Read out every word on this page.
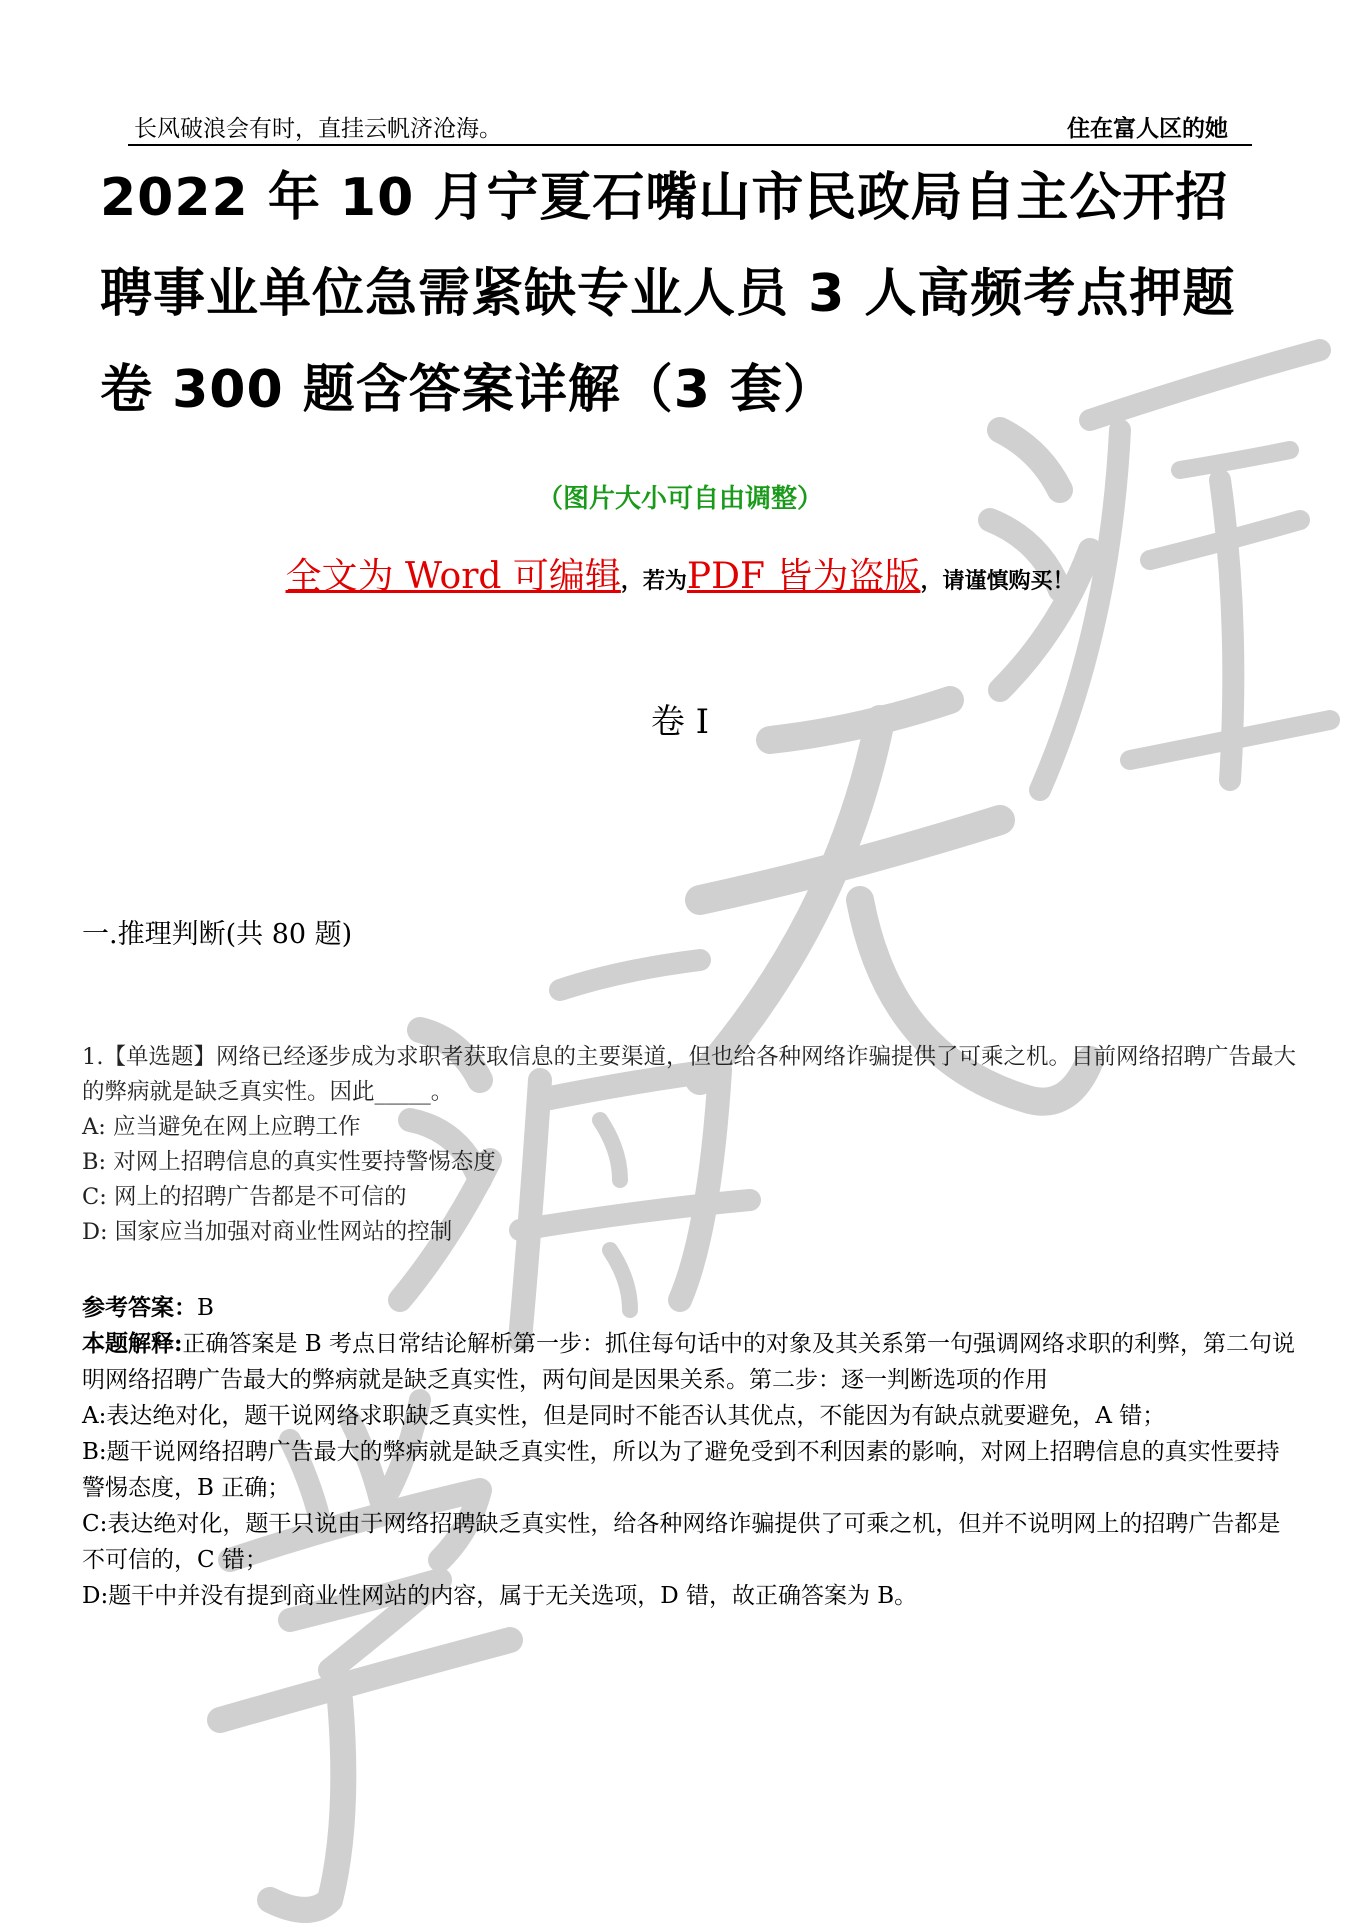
长风破浪会有时，直挂云帆济沧海。	住在富人区的她
2022 年 10 月宁夏石嘴山市民政局自主公开招聘事业单位急需紧缺专业人员 3 人高频考点押题卷 300 题含答案详解（3 套）
（图片大小可自由调整）
全文为 Word 可编辑，若为PDF 皆为盗版，请谨慎购买！
卷 I
一.推理判断(共 80 题)

1.【单选题】网络已经逐步成为求职者获取信息的主要渠道，但也给各种网络诈骗提供了可乘之机。目前网络招聘广告最大的弊病就是缺乏真实性。因此_____。

A: 应当避免在网上应聘工作

B: 对网上招聘信息的真实性要持警惕态度

C: 网上的招聘广告都是不可信的

D: 国家应当加强对商业性网站的控制

参考答案：B

本题解释:正确答案是 B 考点日常结论解析第一步：抓住每句话中的对象及其关系第一句强调网络求职的利弊，第二句说明网络招聘广告最大的弊病就是缺乏真实性，两句间是因果关系。第二步：逐一判断选项的作用

A:表达绝对化，题干说网络求职缺乏真实性，但是同时不能否认其优点，不能因为有缺点就要避免，A 错；

B:题干说网络招聘广告最大的弊病就是缺乏真实性，所以为了避免受到不利因素的影响，对网上招聘信息的真实性要持警惕态度，B 正确；

C:表达绝对化，题干只说由于网络招聘缺乏真实性，给各种网络诈骗提供了可乘之机，但并不说明网上的招聘广告都是不可信的，C 错；

D:题干中并没有提到商业性网站的内容，属于无关选项，D 错，故正确答案为 B。
